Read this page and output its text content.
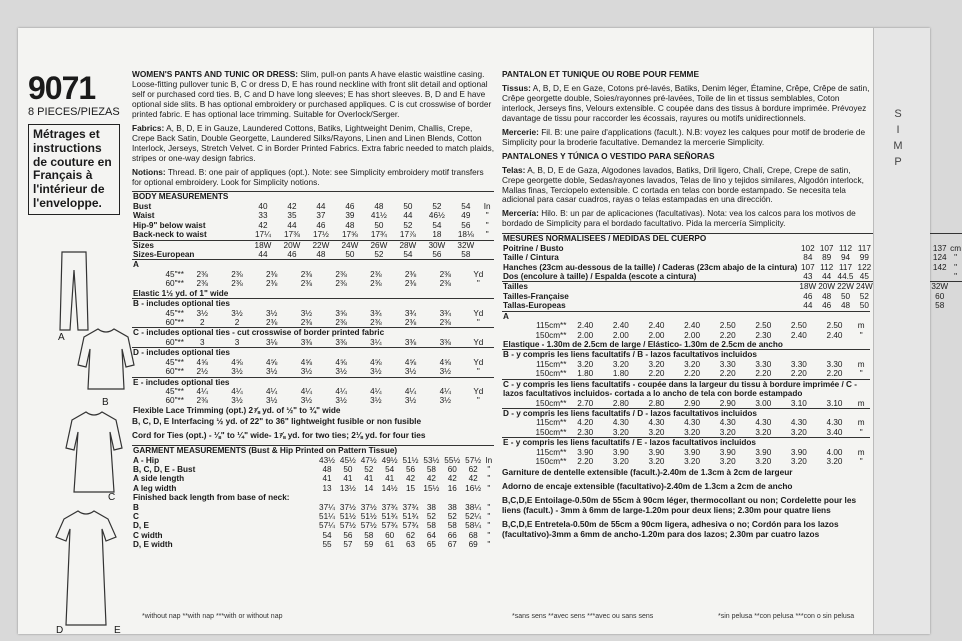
9071
8 PIECES/PIEZAS
Métrages et instructions de couture en Français à l'intérieur de l'enveloppe.
A
B
C
D	E
WOMEN'S PANTS AND TUNIC OR DRESS: Slim, pull-on pants A have elastic waistline casing. Loose-fitting pullover tunic B, C or dress D, E has round neckline with front slit detail and optional self or purchased cord ties. B, C and D have long sleeves; E has short sleeves. B, D and E have optional side slits. B has optional embroidery or purchased appliques. C is cut crosswise of border printed fabric. E has optional lace trimming. Suitable for Overlock/Serger.
Fabrics: A, B, D, E in Gauze, Laundered Cottons, Batiks, Lightweight Denim, Challis, Crepe, Crepe Back Satin, Double Georgette, Laundered Silks/Rayons, Linen and Linen Blends, Cotton Interlock, Jerseys, Stretch Velvet. C in Border Printed Fabrics. Extra fabric needed to match plaids, stripes or one-way design fabrics.
Notions: Thread. B: one pair of appliques (opt.). Note: see Simplicity embroidery motif transfers for optional embroidery. Look for Simplicity notions.
BODY MEASUREMENTS									
Bust	40	42	44	46	48	50	52	54	In
Waist	33	35	37	39	41½	44	46½	49	"
Hip-9" below waist	42	44	46	48	50	52	54	56	"
Back-neck to waist	17¼	17⅜	17½	17⅝	17¾	17⅞	18	18⅛	"
Sizes	18W	20W	22W	24W	26W	28W	30W	32W	
Sizes-European	44	46	48	50	52	54	56	58	
A									
45"**	2⅜	2⅜	2⅜	2⅜	2⅜	2⅜	2⅜	2⅜	Yd
60"**	2⅜	2⅜	2⅜	2⅜	2⅜	2⅜	2⅜	2⅜	"
Elastic 1½ yd. of 1" wide									
B - includes optional ties									
45"**	3½	3½	3½	3½	3⅝	3¾	3¾	3¾	Yd
60"**	2	2	2⅜	2⅜	2⅜	2⅜	2⅜	2⅜	"
C - includes optional ties - cut crosswise of border printed fabric									
60"**	3	3	3⅛	3⅜	3⅜	3¼	3⅜	3⅜	Yd
D - includes optional ties									
45"**	4⅝	4⅝	4⅝	4⅝	4⅝	4⅝	4⅝	4⅝	Yd
60"**	2½	3½	3½	3½	3½	3½	3½	3½	"
E - includes optional ties									
45"**	4¼	4¼	4¼	4¼	4¼	4¼	4¼	4¼	Yd
60"**	2⅜	3½	3½	3½	3½	3½	3½	3½	"
Flexible Lace Trimming (opt.) 2⅞ yd. of ½" to ¾" wide									
B, C, D, E Interfacing ½ yd. of 22" to 36" lightweight fusible or non fusible
Cord for Ties (opt.) - ⅛" to ¼" wide- 1⅞ yd. for two ties; 2⅛ yd. for four ties
GARMENT MEASUREMENTS (Bust & Hip Printed on Pattern Tissue)									
A - Hip	43½	45½	47½	49½	51½	53½	55½	57½	In
B, C, D, E - Bust	48	50	52	54	56	58	60	62	"
A side length	41	41	41	41	42	42	42	42	"
A leg width	13	13½	14	14½	15	15½	16	16½	"
Finished back length from base of neck:									
B	37¼	37½	37½	37¾	37¾	38	38	38¼	"
C	51¼	51½	51½	51¾	51¾	52	52	52¼	"
D, E	57¼	57½	57½	57¾	57¾	58	58	58¼	"
C width	54	56	58	60	62	64	66	68	"
D, E width	55	57	59	61	63	65	67	69	"
PANTALON ET TUNIQUE OU ROBE POUR FEMME
Tissus: A, B, D, E en Gaze, Cotons pré-lavés, Batiks, Denim léger, Étamine, Crêpe, Crêpe de satin, Crêpe georgette double, Soies/rayonnes pré-lavées, Toile de lin et tissus semblables, Coton interlock, Jerseys fins, Velours extensible. C coupée dans des tissus à bordure imprimée. Prévoyez davantage de tissu pour raccorder les écossais, rayures ou motifs unidirectionnels.
Mercerie: Fil. B: une paire d'applications (facult.). N.B: voyez les calques pour motif de broderie de Simplicity pour la broderie facultative. Demandez la mercerie Simplicity.
PANTALONES Y TÚNICA O VESTIDO PARA SEÑORAS
Telas: A, B, D, E de Gaza, Algodones lavados, Batiks, Dril ligero, Chalí, Crepe, Crepe de satin, Crepe georgette doble, Sedas/rayones lavados, Telas de lino y tejidos similares, Algodón interlock, Mallas finas, Terciopelo extensible. C cortada en telas con borde estampado. Se necesita tela adicional para casar cuadros, rayas o telas estampadas en una dirección.
Mercería: Hilo. B: un par de aplicaciones (facultativas). Nota: vea los calcos para los motivos de bordado de Simplicity para el bordado facultativo. Pida la mercería Simplicity.
MESURES NORMALISEES / MEDIDAS DEL CUERPO									
Poitrine / Busto	102	107	112	117				137	cm
Taille / Cintura	84	89	94	99				124	"
Hanches (23cm au-dessous de la taille) / Caderas (23cm abajo de la cintura)	107	112	117	122				142	"
Dos (encolure à taille) / Espalda (escote a cintura)	43	44	44.5	45					"
Tailles	18W	20W	22W	24W				32W	
Tailles-Française	46	48	50	52				60	
Tallas-Europeas	44	46	48	50				58	
A									
115cm**	2.40	2.40	2.40	2.40	2.50	2.50	2.50	2.50	m
150cm**	2.00	2.00	2.00	2.00	2.20	2.30	2.40	2.40	"
Elastique - 1.30m de 2.5cm de large / Elástico- 1.30m de 2.5cm de ancho									
B - y compris les liens facultatifs / B - lazos facultativos incluidos									
115cm**	3.20	3.20	3.20	3.20	3.30	3.30	3.30	3.30	m
150cm**	1.80	1.80	2.20	2.20	2.20	2.20	2.20	2.20	"
C - y compris les liens facultatifs - coupée dans la largeur du tissu à bordure imprimée / C - lazos facultativos incluidos- cortada a lo ancho de tela con borde estampado									
150cm**	2.70	2.80	2.80	2.90	2.90	3.00	3.10	3.10	m
D - y compris les liens facultatifs / D - lazos facultativos incluidos									
115cm**	4.20	4.30	4.30	4.30	4.30	4.30	4.30	4.30	m
150cm**	2.30	3.20	3.20	3.20	3.20	3.20	3.20	3.40	"
E - y compris les liens facultatifs / E - lazos facultativos incluidos									
115cm**	3.90	3.90	3.90	3.90	3.90	3.90	3.90	4.00	m
150cm**	2.20	3.20	3.20	3.20	3.20	3.20	3.20	3.20	"
Garniture de dentelle extensible (facult.)-2.40m de 1.3cm à 2cm de largeur
Adorno de encaje extensible (facultativo)-2.40m de 1.3cm a 2cm de ancho
B,C,D,E Entoilage-0.50m de 55cm à 90cm léger, thermocollant ou non; Cordelette pour les liens (facult.) - 3mm à 6mm de large-1.20m pour deux liens; 2.30m pour quatre liens
B,C,D,E Entretela-0.50m de 55cm a 90cm ligera, adhesiva o no; Cordón para los lazos (facultativo)-3mm a 6mm de ancho-1.20m para dos lazos; 2.30m par cuatro lazos
*without nap **with nap ***with or without nap	*sans sens **avec sens ***avec ou sans sens	*sin pelusa **con pelusa ***con o sin pelusa
S
I
M
P
